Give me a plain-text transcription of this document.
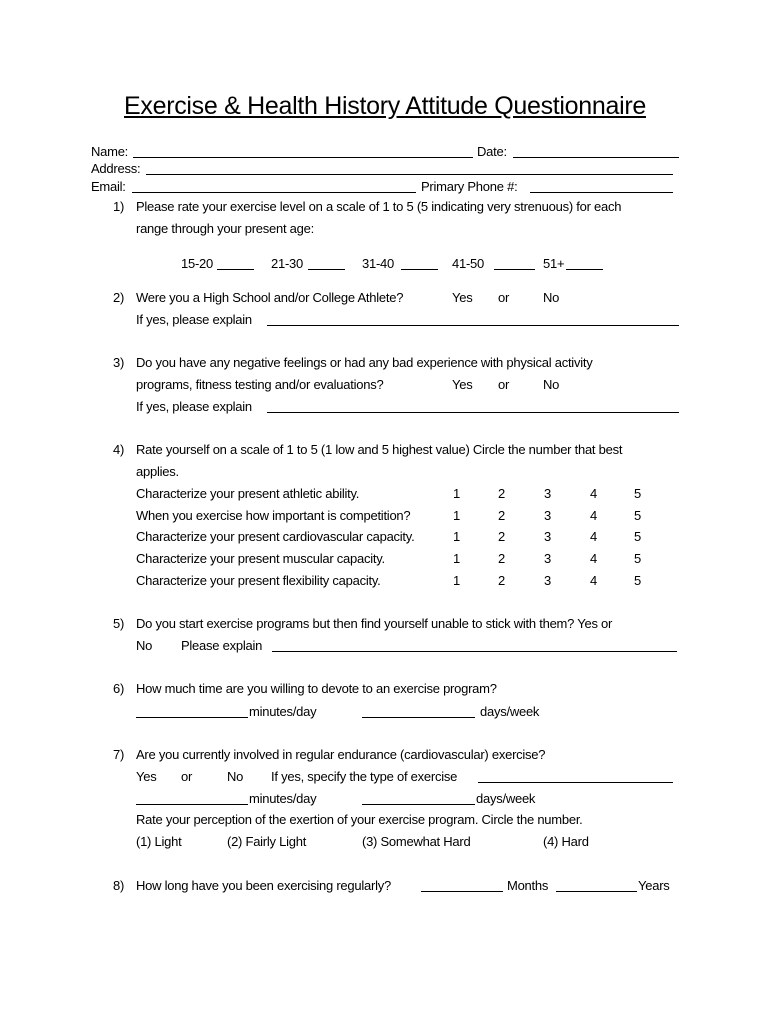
Exercise & Health History Attitude Questionnaire
Name:	Date:
Address:
Email:	Primary Phone #:
1) Please rate your exercise level on a scale of 1 to 5 (5 indicating very strenuous) for each
range through your present age:
15-20	21-30	31-40	41-50	51+
2) Were you a High School and/or College Athlete?	Yes or	No
If yes, please explain
3) Do you have any negative feelings or had any bad experience with physical activity
programs, fitness testing and/or evaluations?	Yes or	No
If yes, please explain
4) Rate yourself on a scale of 1 to 5 (1 low and 5 highest value) Circle the number that best
applies.
Characterize your present athletic ability.	1	2	3	4	5
When you exercise how important is competition?	1	2	3	4	5
Characterize your present cardiovascular capacity.	1	2	3	4	5
Characterize your present muscular capacity.	1	2	3	4	5
Characterize your present flexibility capacity.	1	2	3	4	5
5) Do you start exercise programs but then find yourself unable to stick with them? Yes or
No Please explain
6) How much time are you willing to devote to an exercise program?
minutes/day	days/week
7) Are you currently involved in regular endurance (cardiovascular) exercise?
Yes or	No If yes, specify the type of exercise
minutes/day	days/week
Rate your perception of the exertion of your exercise program. Circle the number.
(1) Light	(2) Fairly Light	(3) Somewhat Hard	(4) Hard
8) How long have you been exercising regularly?	Months	Years
